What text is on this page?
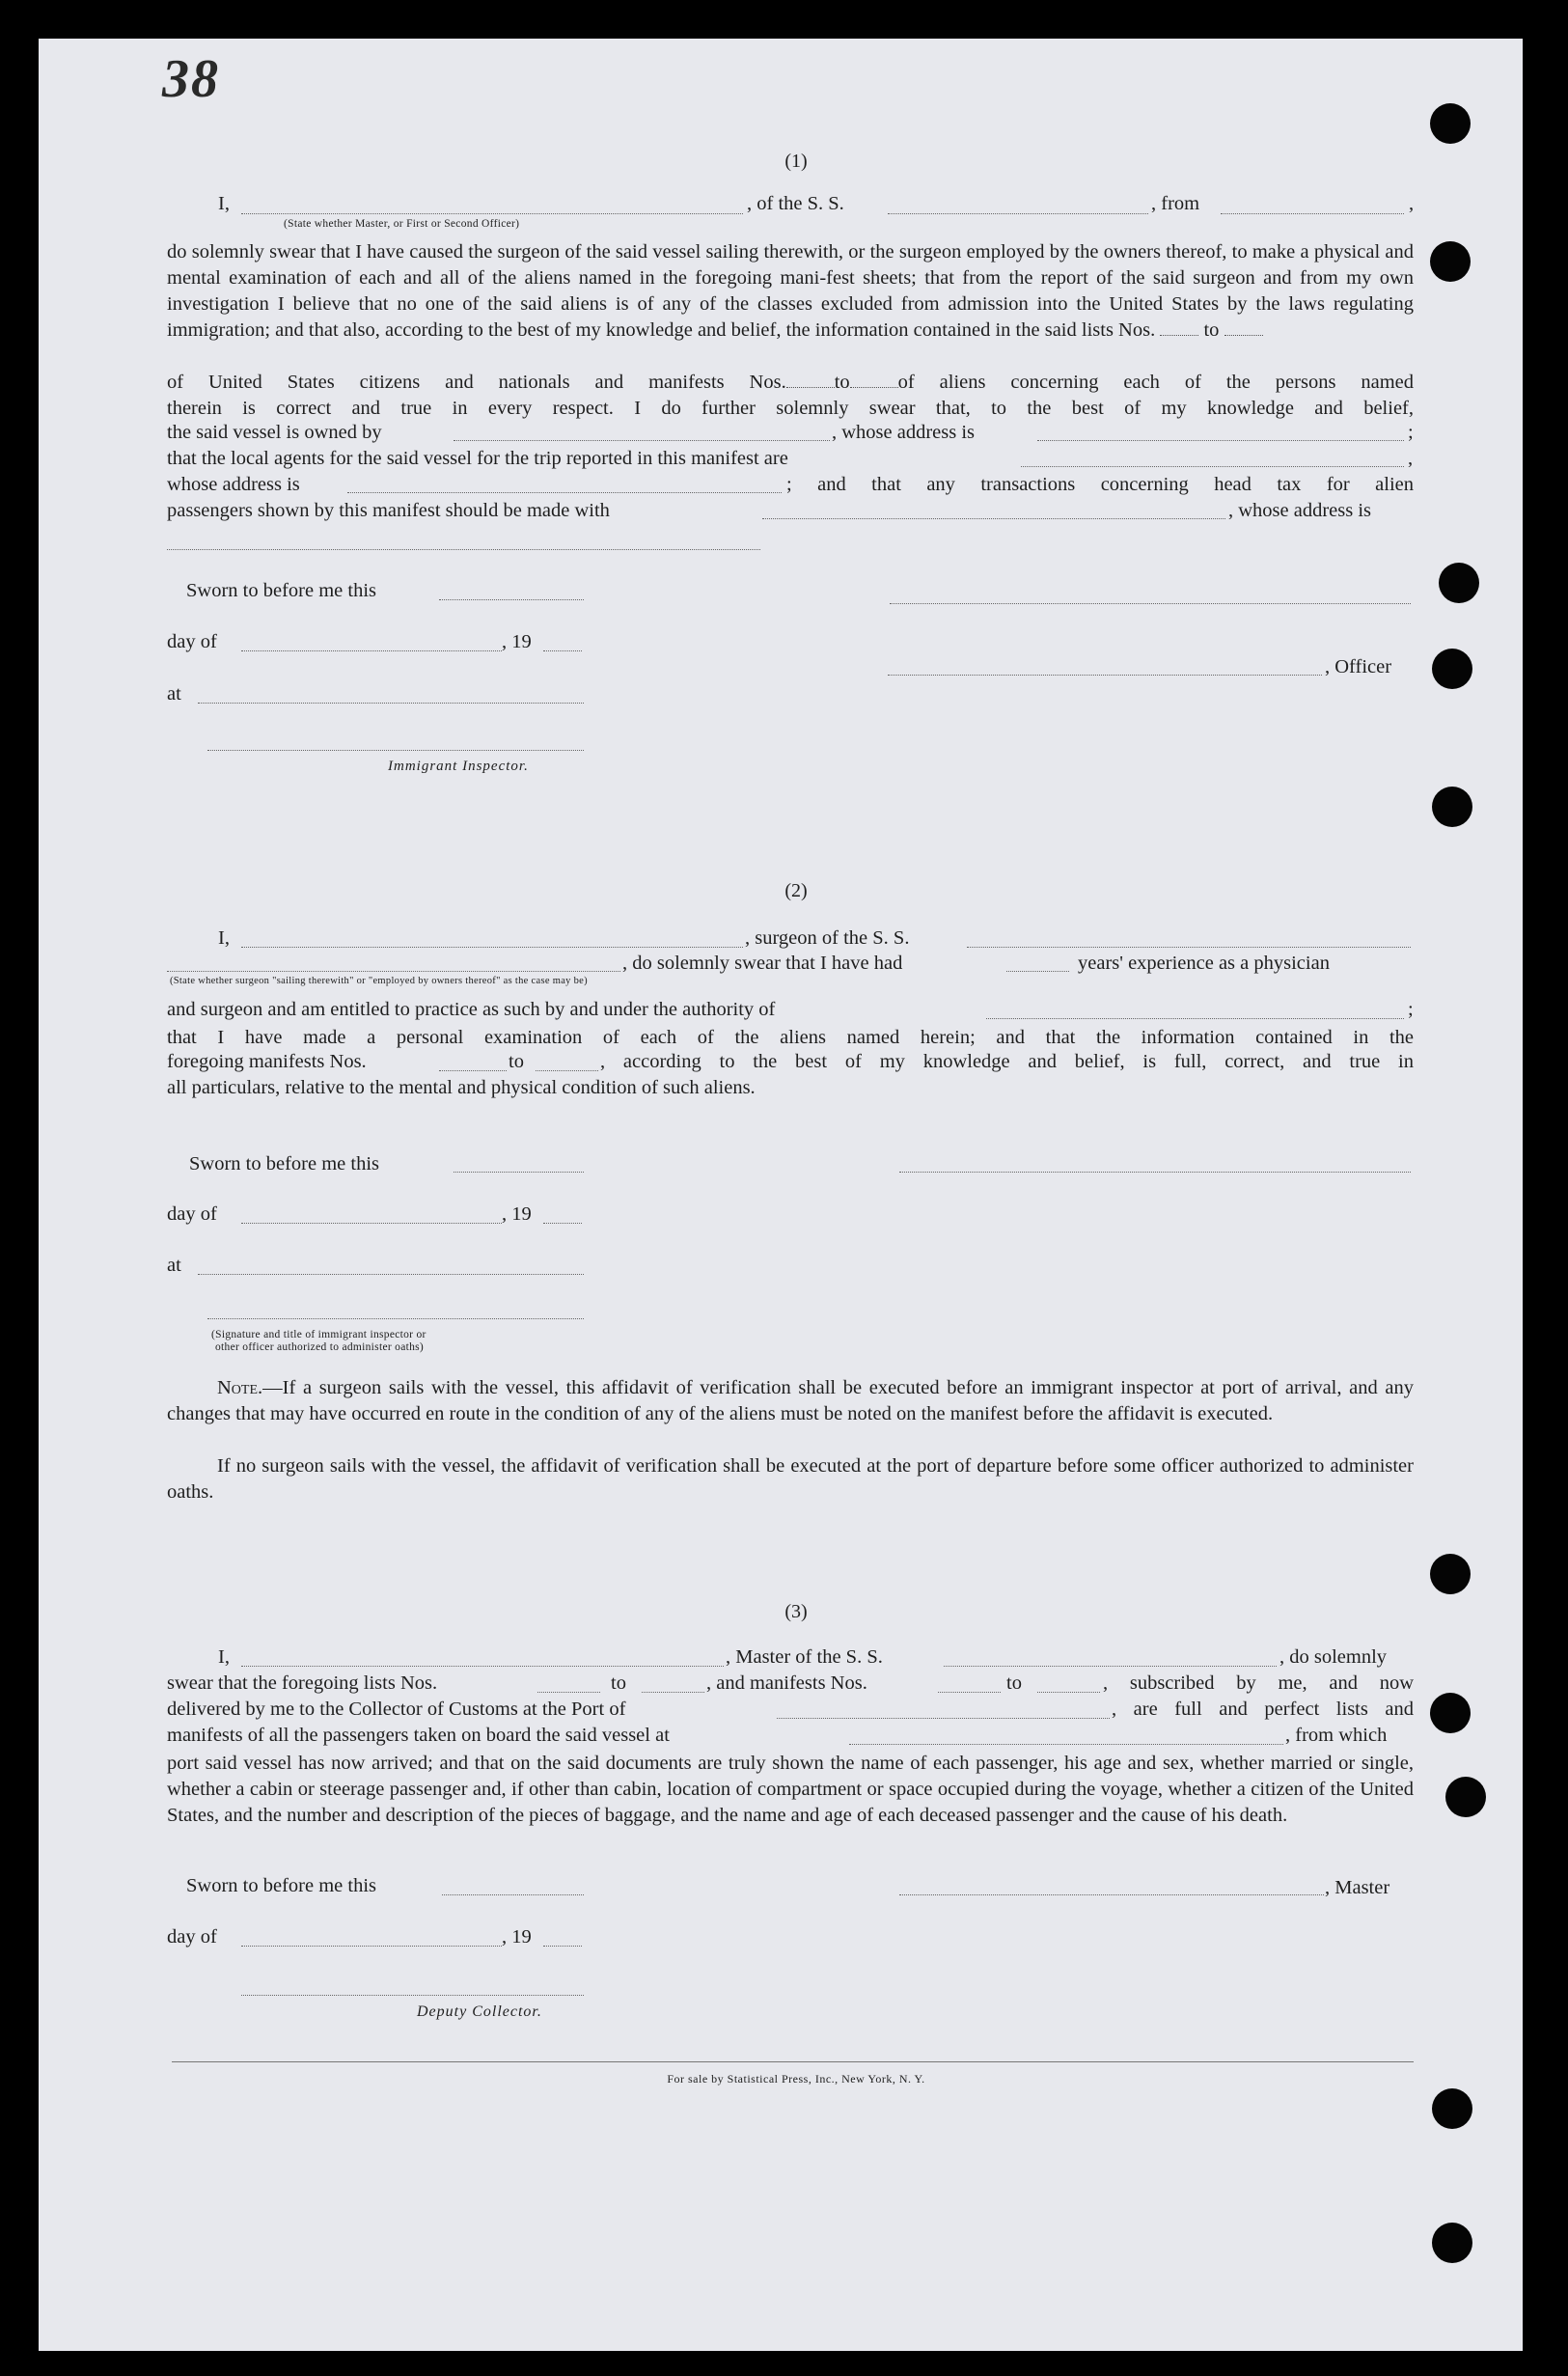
38
(1)
I,	, of the S. S.	, from	,
(State whether Master, or First or Second Officer)
do solemnly swear that I have caused the surgeon of the said vessel sailing therewith, or the surgeon employed by the owners thereof, to make a physical and mental examination of each and all of the aliens named in the foregoing mani-fest sheets; that from the report of the said surgeon and from my own investigation I believe that no one of the said aliens is of any of the classes excluded from admission into the United States by the laws regulating immigration; and that also, according to the best of my knowledge and belief, the information contained in the said lists Nos. to
of United States citizens and nationals and manifests Nos. to of aliens concerning each of the persons named
therein is correct and true in every respect. I do further solemnly swear that, to the best of my knowledge and belief,
the said vessel is owned by	, whose address is	;
that the local agents for the said vessel for the trip reported in this manifest are	,
whose address is	; and that any transactions concerning head tax for alien
passengers shown by this manifest should be made with	, whose address is
Sworn to before me this
day of	, 19
, Officer
at
Immigrant Inspector.
(2)
I,	, surgeon of the S. S.
, do solemnly swear that I have had	years' experience as a physician
(State whether surgeon "sailing therewith" or "employed by owners thereof" as the case may be)
and surgeon and am entitled to practice as such by and under the authority of	;
that I have made a personal examination of each of the aliens named herein; and that the information contained in the
foregoing manifests Nos.	to	, according to the best of my knowledge and belief, is full, correct, and true in
all particulars, relative to the mental and physical condition of such aliens.
Sworn to before me this
day of	, 19
at
(Signature and title of immigrant inspector or
other officer authorized to administer oaths)
Note.—If a surgeon sails with the vessel, this affidavit of verification shall be executed before an immigrant inspector at port of arrival, and any changes that may have occurred en route in the condition of any of the aliens must be noted on the manifest before the affidavit is executed.
If no surgeon sails with the vessel, the affidavit of verification shall be executed at the port of departure before some officer authorized to administer oaths.
(3)
I,	, Master of the S. S.	, do solemnly
swear that the foregoing lists Nos.	to	, and manifests Nos.	to	, subscribed by me, and now
delivered by me to the Collector of Customs at the Port of	, are full and perfect lists and
manifests of all the passengers taken on board the said vessel at	, from which
port said vessel has now arrived; and that on the said documents are truly shown the name of each passenger, his age and sex, whether married or single, whether a cabin or steerage passenger and, if other than cabin, location of compartment or space occupied during the voyage, whether a citizen of the United States, and the number and description of the pieces of baggage, and the name and age of each deceased passenger and the cause of his death.
Sworn to before me this	, Master
day of	, 19
Deputy Collector.
For sale by Statistical Press, Inc., New York, N. Y.
